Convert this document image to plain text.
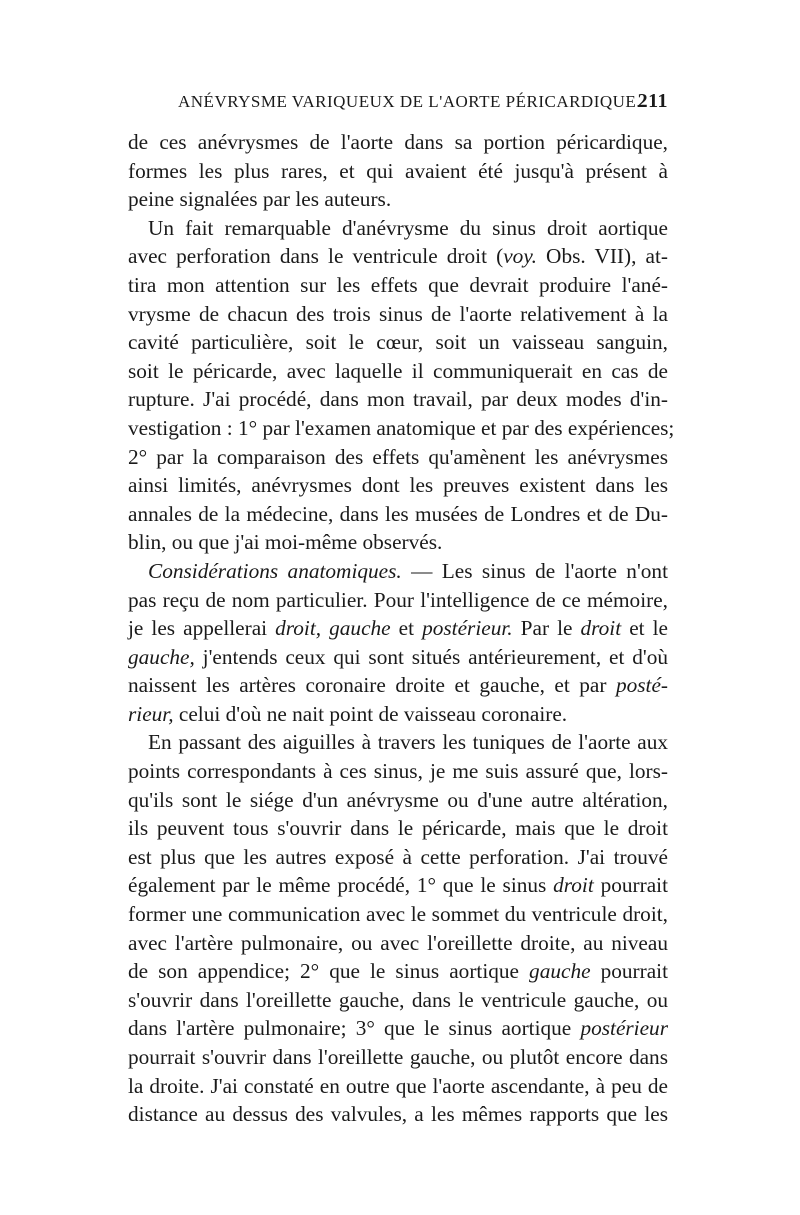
ANÉVRYSME VARIQUEUX DE L'AORTE PÉRICARDIQUE.
211
de ces anévrysmes de l'aorte dans sa portion péricardique,
formes les plus rares, et qui avaient été jusqu'à présent à
peine signalées par les auteurs.
Un fait remarquable d'anévrysme du sinus droit aortique
avec perforation dans le ventricule droit (voy. Obs. VII), at-
tira mon attention sur les effets que devrait produire l'ané-
vrysme de chacun des trois sinus de l'aorte relativement à la
cavité particulière, soit le cœur, soit un vaisseau sanguin,
soit le péricarde, avec laquelle il communiquerait en cas de
rupture. J'ai procédé, dans mon travail, par deux modes d'in-
vestigation : 1° par l'examen anatomique et par des expériences;
2° par la comparaison des effets qu'amènent les anévrysmes
ainsi limités, anévrysmes dont les preuves existent dans les
annales de la médecine, dans les musées de Londres et de Du-
blin, ou que j'ai moi-même observés.
Considérations anatomiques. — Les sinus de l'aorte n'ont
pas reçu de nom particulier. Pour l'intelligence de ce mémoire,
je les appellerai droit, gauche et postérieur. Par le droit et le
gauche, j'entends ceux qui sont situés antérieurement, et d'où
naissent les artères coronaire droite et gauche, et par posté-
rieur, celui d'où ne nait point de vaisseau coronaire.
En passant des aiguilles à travers les tuniques de l'aorte aux
points correspondants à ces sinus, je me suis assuré que, lors-
qu'ils sont le siége d'un anévrysme ou d'une autre altération,
ils peuvent tous s'ouvrir dans le péricarde, mais que le droit
est plus que les autres exposé à cette perforation. J'ai trouvé
également par le même procédé, 1° que le sinus droit pourrait
former une communication avec le sommet du ventricule droit,
avec l'artère pulmonaire, ou avec l'oreillette droite, au niveau
de son appendice; 2° que le sinus aortique gauche pourrait
s'ouvrir dans l'oreillette gauche, dans le ventricule gauche, ou
dans l'artère pulmonaire; 3° que le sinus aortique postérieur
pourrait s'ouvrir dans l'oreillette gauche, ou plutôt encore dans
la droite. J'ai constaté en outre que l'aorte ascendante, à peu de
distance au dessus des valvules, a les mêmes rapports que les
